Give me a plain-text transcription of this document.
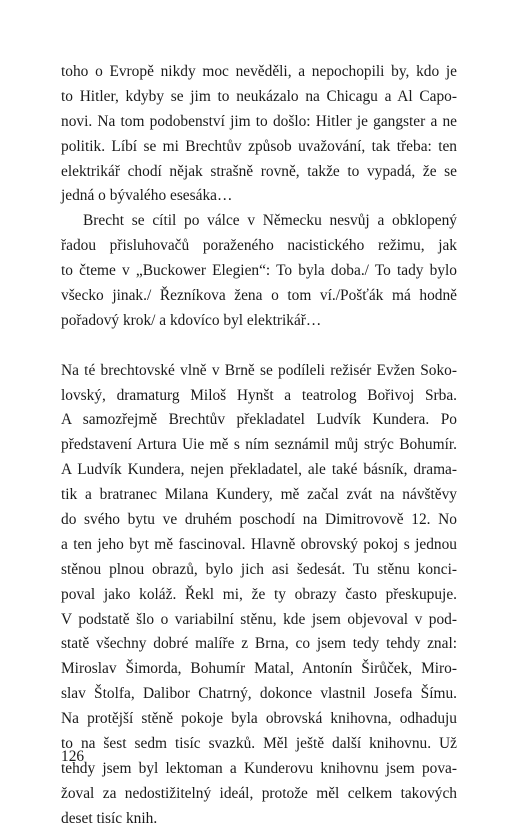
toho o Evropě nikdy moc nevěděli, a nepochopili by, kdo je
to Hitler, kdyby se jim to neukázalo na Chicagu a Al Capo-
novi. Na tom podobenství jim to došlo: Hitler je gangster a ne
politik. Líbí se mi Brechtův způsob uvažování, tak třeba: ten
elektrikář chodí nějak strašně rovně, takže to vypadá, že se
jedná o bývalého esesáka…
Brecht se cítil po válce v Německu nesvůj a obklopený
řadou přisluhovačů poraženého nacistického režimu, jak
to čteme v „Buckower Elegien“: To byla doba./ To tady bylo
všecko jinak./ Řezníkova žena o tom ví./Pošťák má hodně
pořadový krok/ a kdovíco byl elektrikář…
Na té brechtovské vlně v Brně se podíleli režisér Evžen Soko-
lovský, dramaturg Miloš Hynšt a teatrolog Bořivoj Srba.
A samozřejmě Brechtův překladatel Ludvík Kundera. Po
představení Artura Uie mě s ním seznámil můj strýc Bohumír.
A Ludvík Kundera, nejen překladatel, ale také básník, drama-
tik a bratranec Milana Kundery, mě začal zvát na návštěvy
do svého bytu ve druhém poschodí na Dimitrovově 12. No
a ten jeho byt mě fascinoval. Hlavně obrovský pokoj s jednou
stěnou plnou obrazů, bylo jich asi šedesát. Tu stěnu konci-
poval jako koláž. Řekl mi, že ty obrazy často přeskupuje.
V podstatě šlo o variabilní stěnu, kde jsem objevoval v pod-
statě všechny dobré malíře z Brna, co jsem tedy tehdy znal:
Miroslav Šimorda, Bohumír Matal, Antonín Širůček, Miro-
slav Štolfa, Dalibor Chatrný, dokonce vlastnil Josefa Šímu.
Na protější stěně pokoje byla obrovská knihovna, odhaduju
to na šest sedm tisíc svazků. Měl ještě další knihovnu. Už
tehdy jsem byl lektoman a Kunderovu knihovnu jsem pova-
žoval za nedostižitelný ideál, protože měl celkem takových
deset tisíc knih.
126
